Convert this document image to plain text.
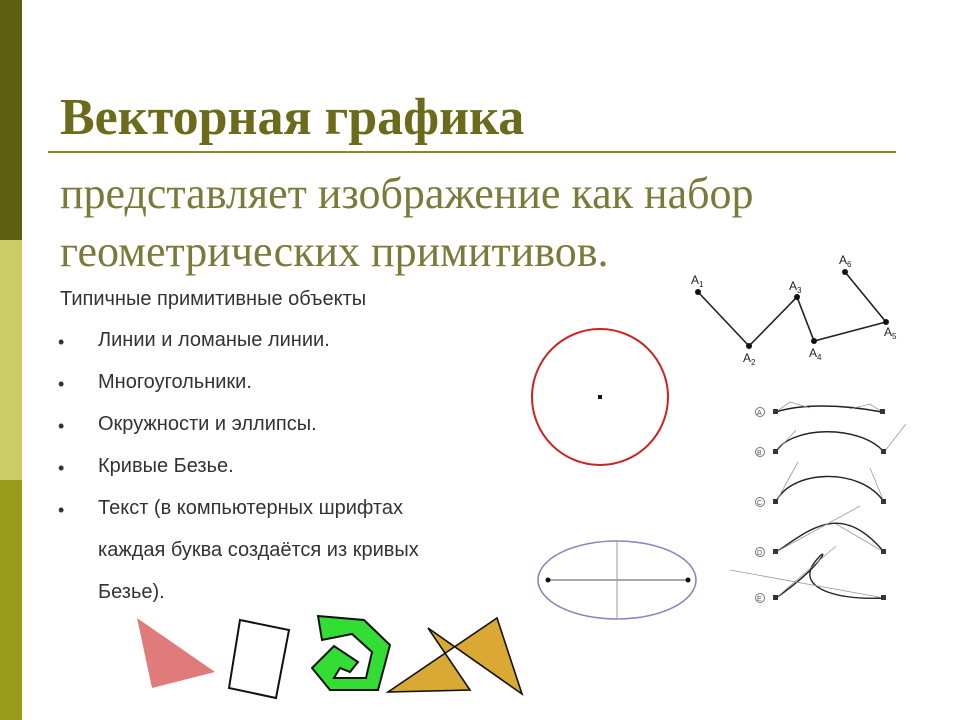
Векторная графика

представляет изображение как набор

геометрических примитивов.

Типичные примитивные объекты
• Линии и ломаные линии.
• Многоугольники.
• Окружности и эллипсы.
• Кривые Безье.
• Текст (в компьютерных шрифтах
каждая буква создаётся из кривых
Безье).
$A_1$
$A_2$
$A_3$
$A_4$
$A_5$
$A_6$
A
B
C
D
E
